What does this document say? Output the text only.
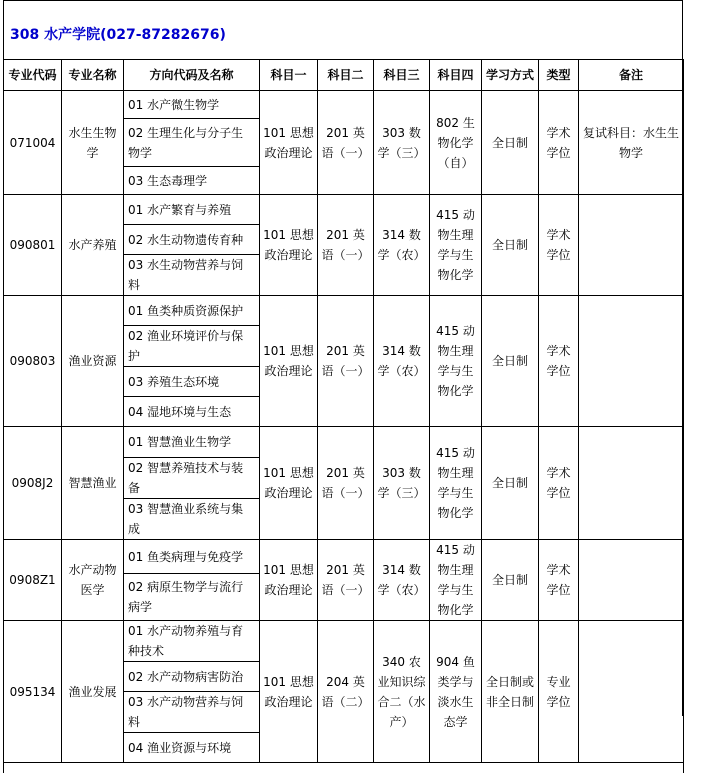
308 水产学院(027-87282676)
专业代码	专业名称	方向代码及名称	科目一	科目二	科目三	科目四	学习方式	类型	备注
071004	水生生物学	01 水产微生物学	101 思想政治理论	201 英语（一）	303 数学（三）	802 生物化学（自）	全日制	学术学位	复试科目：水生生物学
		02 生理生化与分子生物学							
		03 生态毒理学							
090801	水产养殖	01 水产繁育与养殖	101 思想政治理论	201 英语（一）	314 数学（农）	415 动物生理学与生物化学	全日制	学术学位	
		02 水生动物遗传育种							
		03 水生动物营养与饲料							
090803	渔业资源	01 鱼类种质资源保护	101 思想政治理论	201 英语（一）	314 数学（农）	415 动物生理学与生物化学	全日制	学术学位	
		02 渔业环境评价与保护							
		03 养殖生态环境							
		04 湿地环境与生态							
0908J2	智慧渔业	01 智慧渔业生物学	101 思想政治理论	201 英语（一）	303 数学（三）	415 动物生理学与生物化学	全日制	学术学位	
		02 智慧养殖技术与装备							
		03 智慧渔业系统与集成							
0908Z1	水产动物医学	01 鱼类病理与免疫学	101 思想政治理论	201 英语（一）	314 数学（农）	415 动物生理学与生物化学	全日制	学术学位	
		02 病原生物学与流行病学							
095134	渔业发展	01 水产动物养殖与育种技术	101 思想政治理论	204 英语（二）	340 农业知识综合二（水产）	904 鱼类学与淡水生态学	全日制或非全日制	专业学位	
		02 水产动物病害防治							
		03 水产动物营养与饲料							
		04 渔业资源与环境							
